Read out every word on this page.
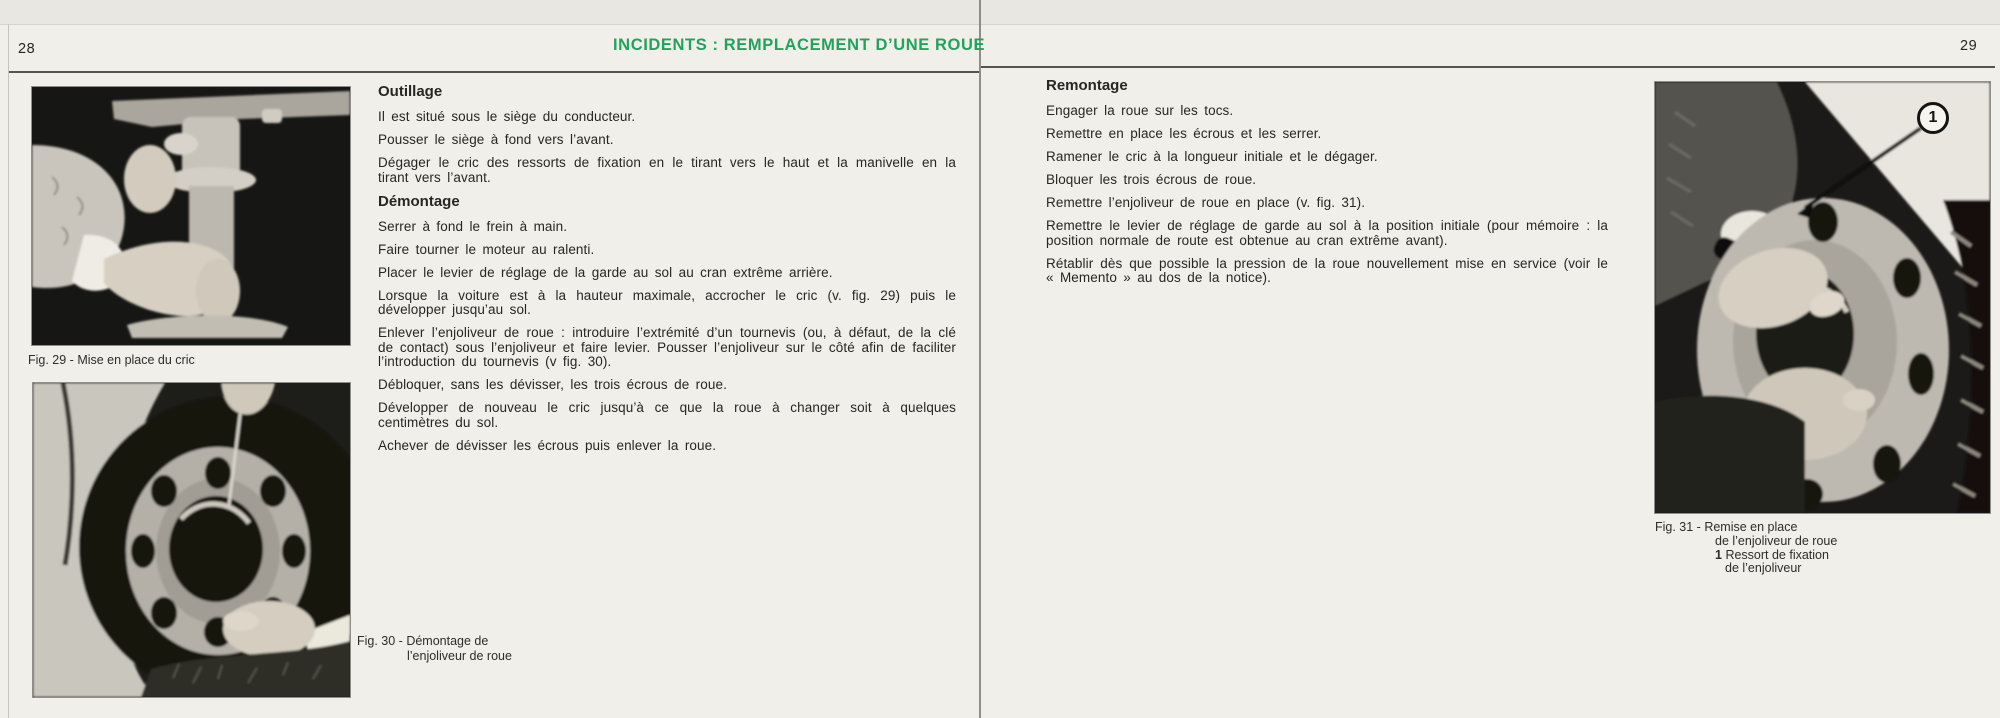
28	29
INCIDENTS : REMPLACEMENT D’UNE ROUE
Fig. 29 - Mise en place du cric
Fig. 30 - Démontage de
l’enjoliveur de roue
Outillage

Il est situé sous le siège du conducteur.

Pousser le siège à fond vers l’avant.

Dégager le cric des ressorts de fixation en le tirant vers le haut et la manivelle en la tirant vers l’avant.

Démontage

Serrer à fond le frein à main.

Faire tourner le moteur au ralenti.

Placer le levier de réglage de la garde au sol au cran extrême arrière.

Lorsque la voiture est à la hauteur maximale, accrocher le cric (v. fig. 29) puis le développer jusqu’au sol.

Enlever l’enjoliveur de roue : introduire l’extrémité d’un tournevis (ou, à défaut, de la clé de contact) sous l’enjoliveur et faire levier. Pousser l’enjoliveur sur le côté afin de faciliter l’introduction du tournevis (v fig. 30).

Débloquer, sans les dévisser, les trois écrous de roue.

Développer de nouveau le cric jusqu’à ce que la roue à changer soit à quelques centimètres du sol.

Achever de dévisser les écrous puis enlever la roue.

Remontage

Engager la roue sur les tocs.

Remettre en place les écrous et les serrer.

Ramener le cric à la longueur initiale et le dégager.

Bloquer les trois écrous de roue.

Remettre l’enjoliveur de roue en place (v. fig. 31).

Remettre le levier de réglage de garde au sol à la position initiale (pour mémoire : la position normale de route est obtenue au cran extrême avant).

Rétablir dès que possible la pression de la roue nouvellement mise en service (voir le « Memento » au dos de la notice).

1
Fig. 31 - Remise en place
de l’enjoliveur de roue
1 Ressort de fixation
de l’enjoliveur
